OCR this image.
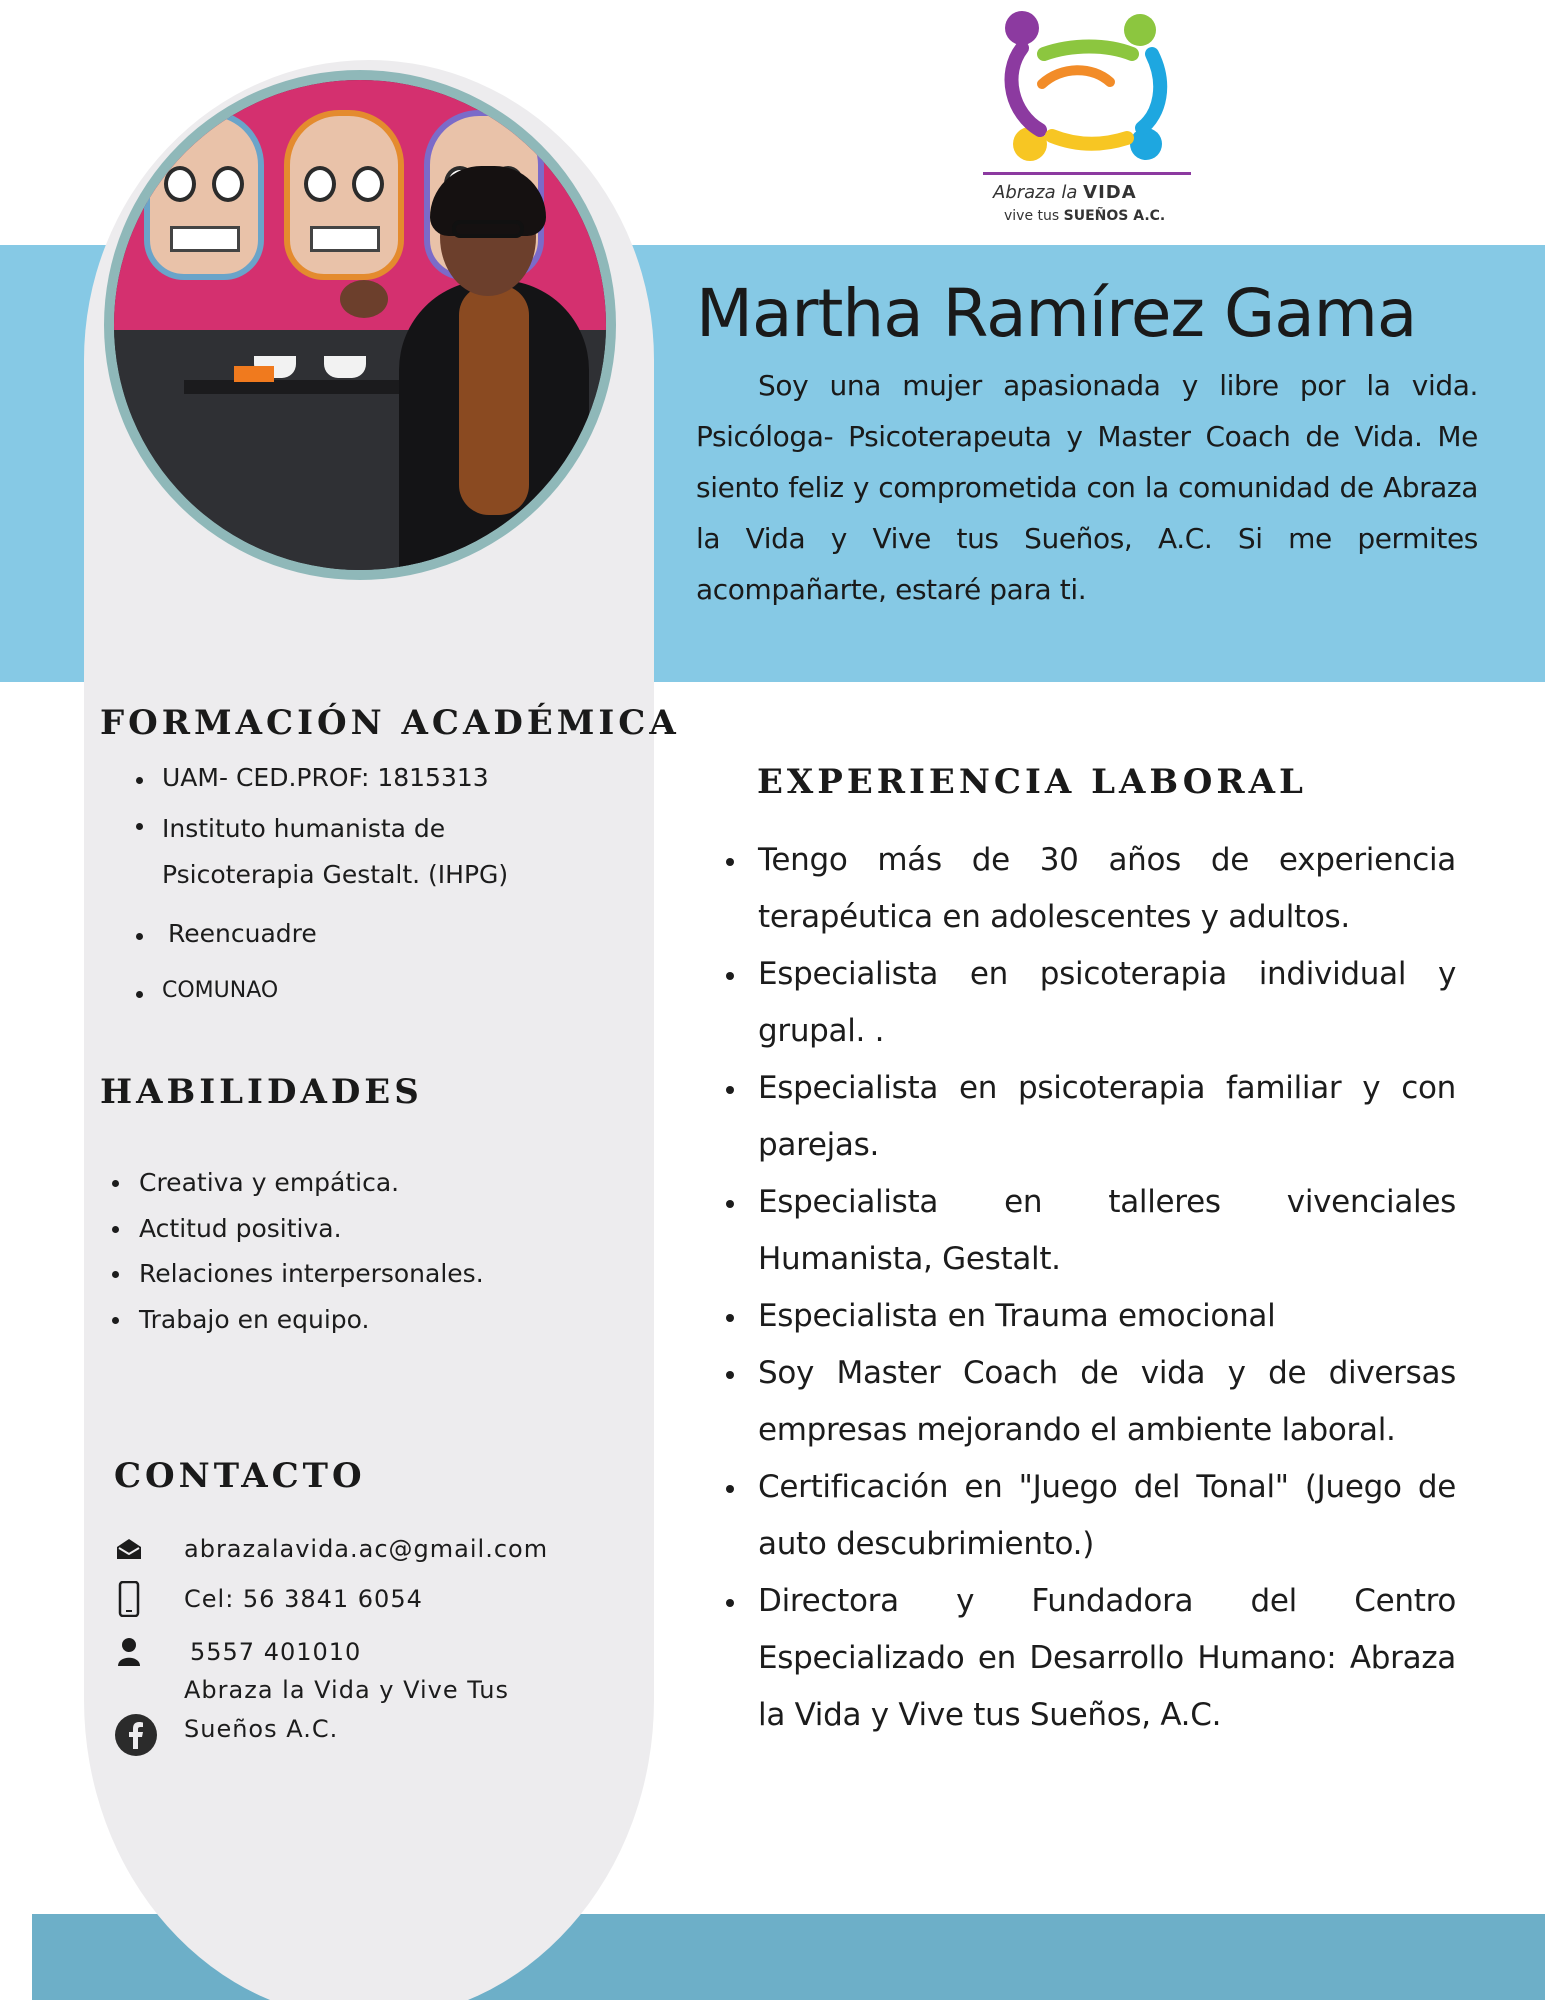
Abraza la VIDA
vive tus SUEÑOS A.C.
Martha Ramírez Gama
Soy una mujer apasionada y libre por la vida. Psicóloga- Psicoterapeuta y Master Coach de Vida. Me siento feliz y comprometida con la comunidad de Abraza la Vida y Vive tus Sueños, A.C. Si me permites acompañarte, estaré para ti.
FORMACIÓN ACADÉMICA
UAM- CED.PROF: 1815313
Instituto humanista de Psicoterapia Gestalt. (IHPG)
Reencuadre
COMUNAO
HABILIDADES
Creativa y empática.
Actitud positiva.
Relaciones interpersonales.
Trabajo en equipo.
CONTACTO
abrazalavida.ac@gmail.com
Cel: 56 3841 6054
5557 401010
Abraza la Vida y Vive Tus Sueños A.C.
EXPERIENCIA LABORAL
Tengo más de 30 años de experiencia terapéutica en adolescentes y adultos.
Especialista en psicoterapia individual y grupal. .
Especialista en psicoterapia familiar y con parejas.
Especialista en talleres vivenciales Humanista, Gestalt.
Especialista en Trauma emocional
Soy Master Coach de vida y de diversas empresas mejorando el ambiente laboral.
Certificación en "Juego del Tonal" (Juego de auto descubrimiento.)
Directora y Fundadora del Centro Especializado en Desarrollo Humano: Abraza la Vida y Vive tus Sueños, A.C.
